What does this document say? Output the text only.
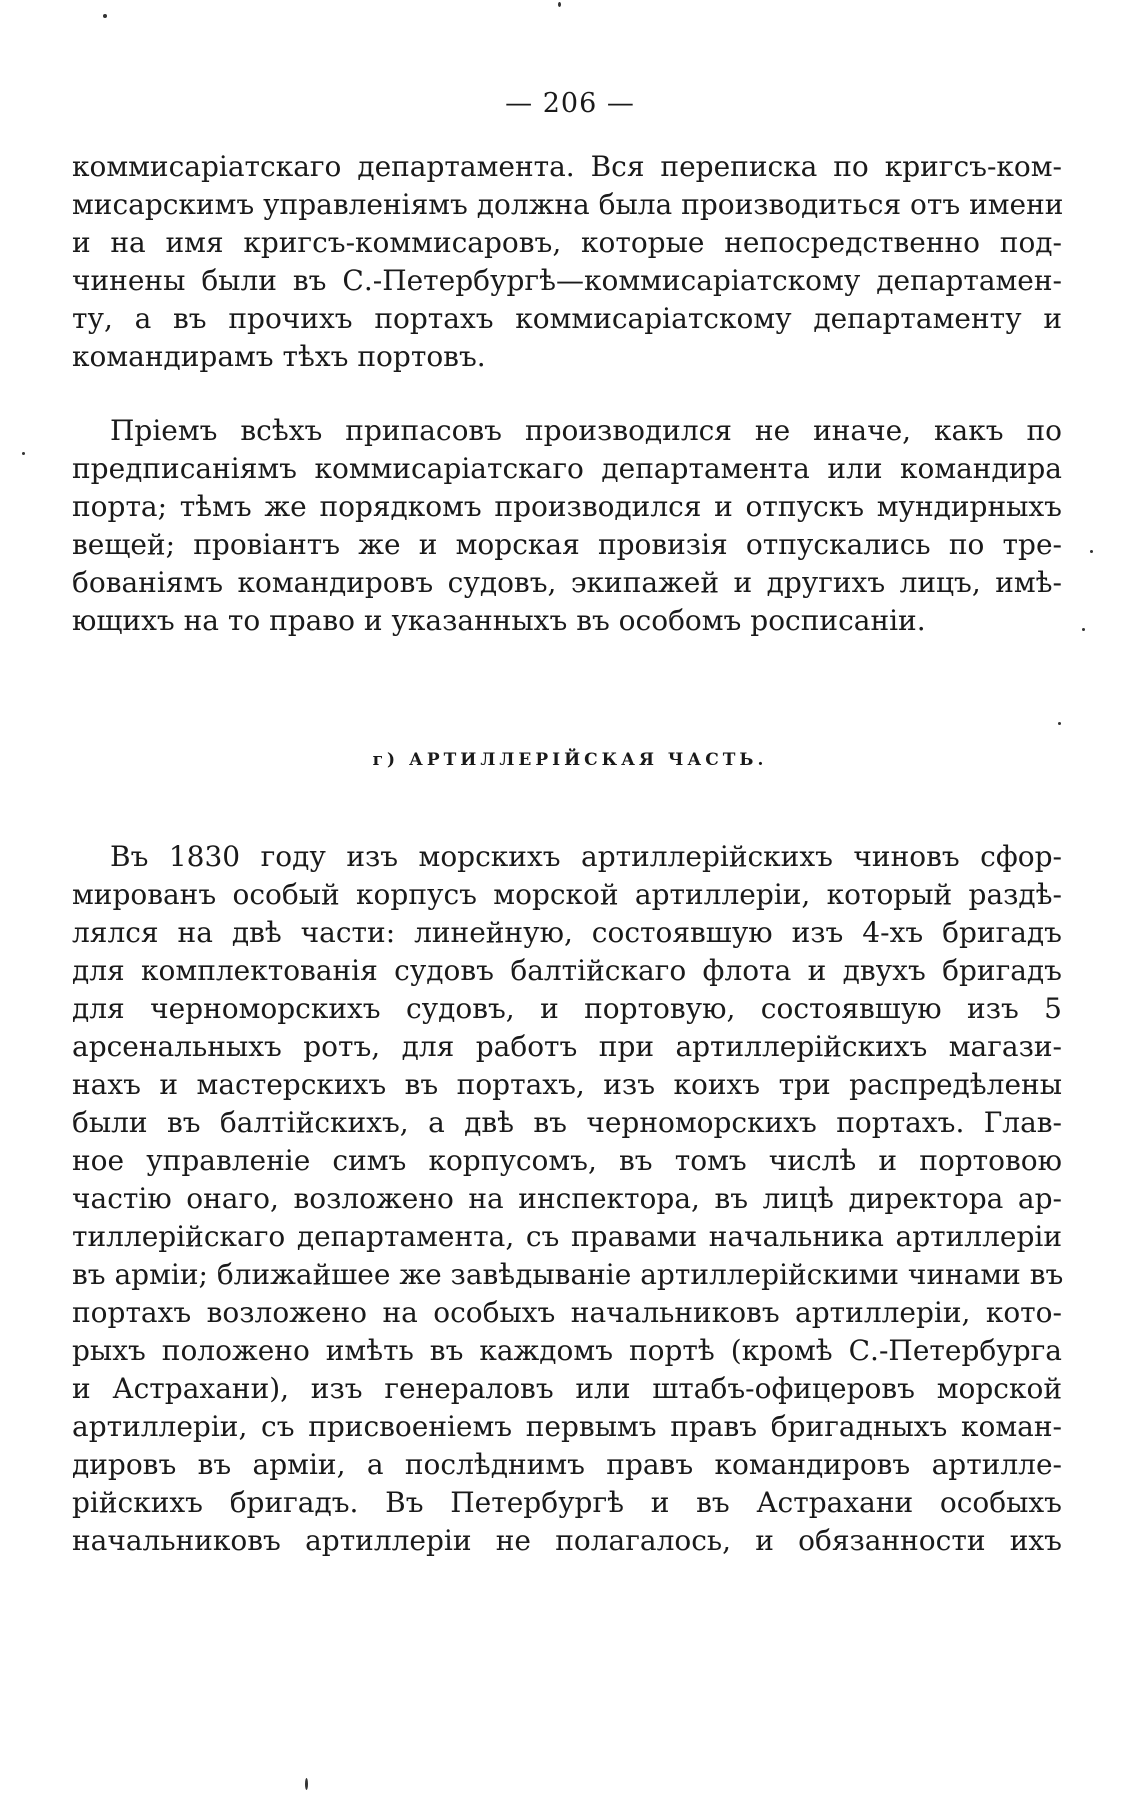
— 206 —
коммисаріатскаго департамента. Вся переписка по кригсъ-ком-
мисарскимъ управленіямъ должна была производиться отъ имени
и на имя кригсъ-коммисаровъ, которые непосредственно под-
чинены были въ С.-Петербургѣ—коммисаріатскому департамен-
ту, а въ прочихъ портахъ коммисаріатскому департаменту и
командирамъ тѣхъ портовъ.
Пріемъ всѣхъ припасовъ производился не иначе, какъ по
предписаніямъ коммисаріатскаго департамента или командира
порта; тѣмъ же порядкомъ производился и отпускъ мундирныхъ
вещей; провіантъ же и морская провизія отпускались по тре-
бованіямъ командировъ судовъ, экипажей и другихъ лицъ, имѣ-
ющихъ на то право и указанныхъ въ особомъ росписаніи.
г) АРТИЛЛЕРІЙСКАЯ ЧАСТЬ.
Въ 1830 году изъ морскихъ артиллерійскихъ чиновъ сфор-
мированъ особый корпусъ морской артиллеріи, который раздѣ-
лялся на двѣ части: линейную, состоявшую изъ 4-хъ бригадъ
для комплектованія судовъ балтійскаго флота и двухъ бригадъ
для черноморскихъ судовъ, и портовую, состоявшую изъ 5
арсенальныхъ ротъ, для работъ при артиллерійскихъ магази-
нахъ и мастерскихъ въ портахъ, изъ коихъ три распредѣлены
были въ балтійскихъ, а двѣ въ черноморскихъ портахъ. Глав-
ное управленіе симъ корпусомъ, въ томъ числѣ и портовою
частію онаго, возложено на инспектора, въ лицѣ директора ар-
тиллерійскаго департамента, съ правами начальника артиллеріи
въ арміи; ближайшее же завѣдываніе артиллерійскими чинами въ
портахъ возложено на особыхъ начальниковъ артиллеріи, кото-
рыхъ положено имѣть въ каждомъ портѣ (кромѣ С.-Петербурга
и Астрахани), изъ генераловъ или штабъ-офицеровъ морской
артиллеріи, съ присвоеніемъ первымъ правъ бригадныхъ коман-
дировъ въ арміи, а послѣднимъ правъ командировъ артилле-
рійскихъ бригадъ. Въ Петербургѣ и въ Астрахани особыхъ
начальниковъ артиллеріи не полагалось, и обязанности ихъ
